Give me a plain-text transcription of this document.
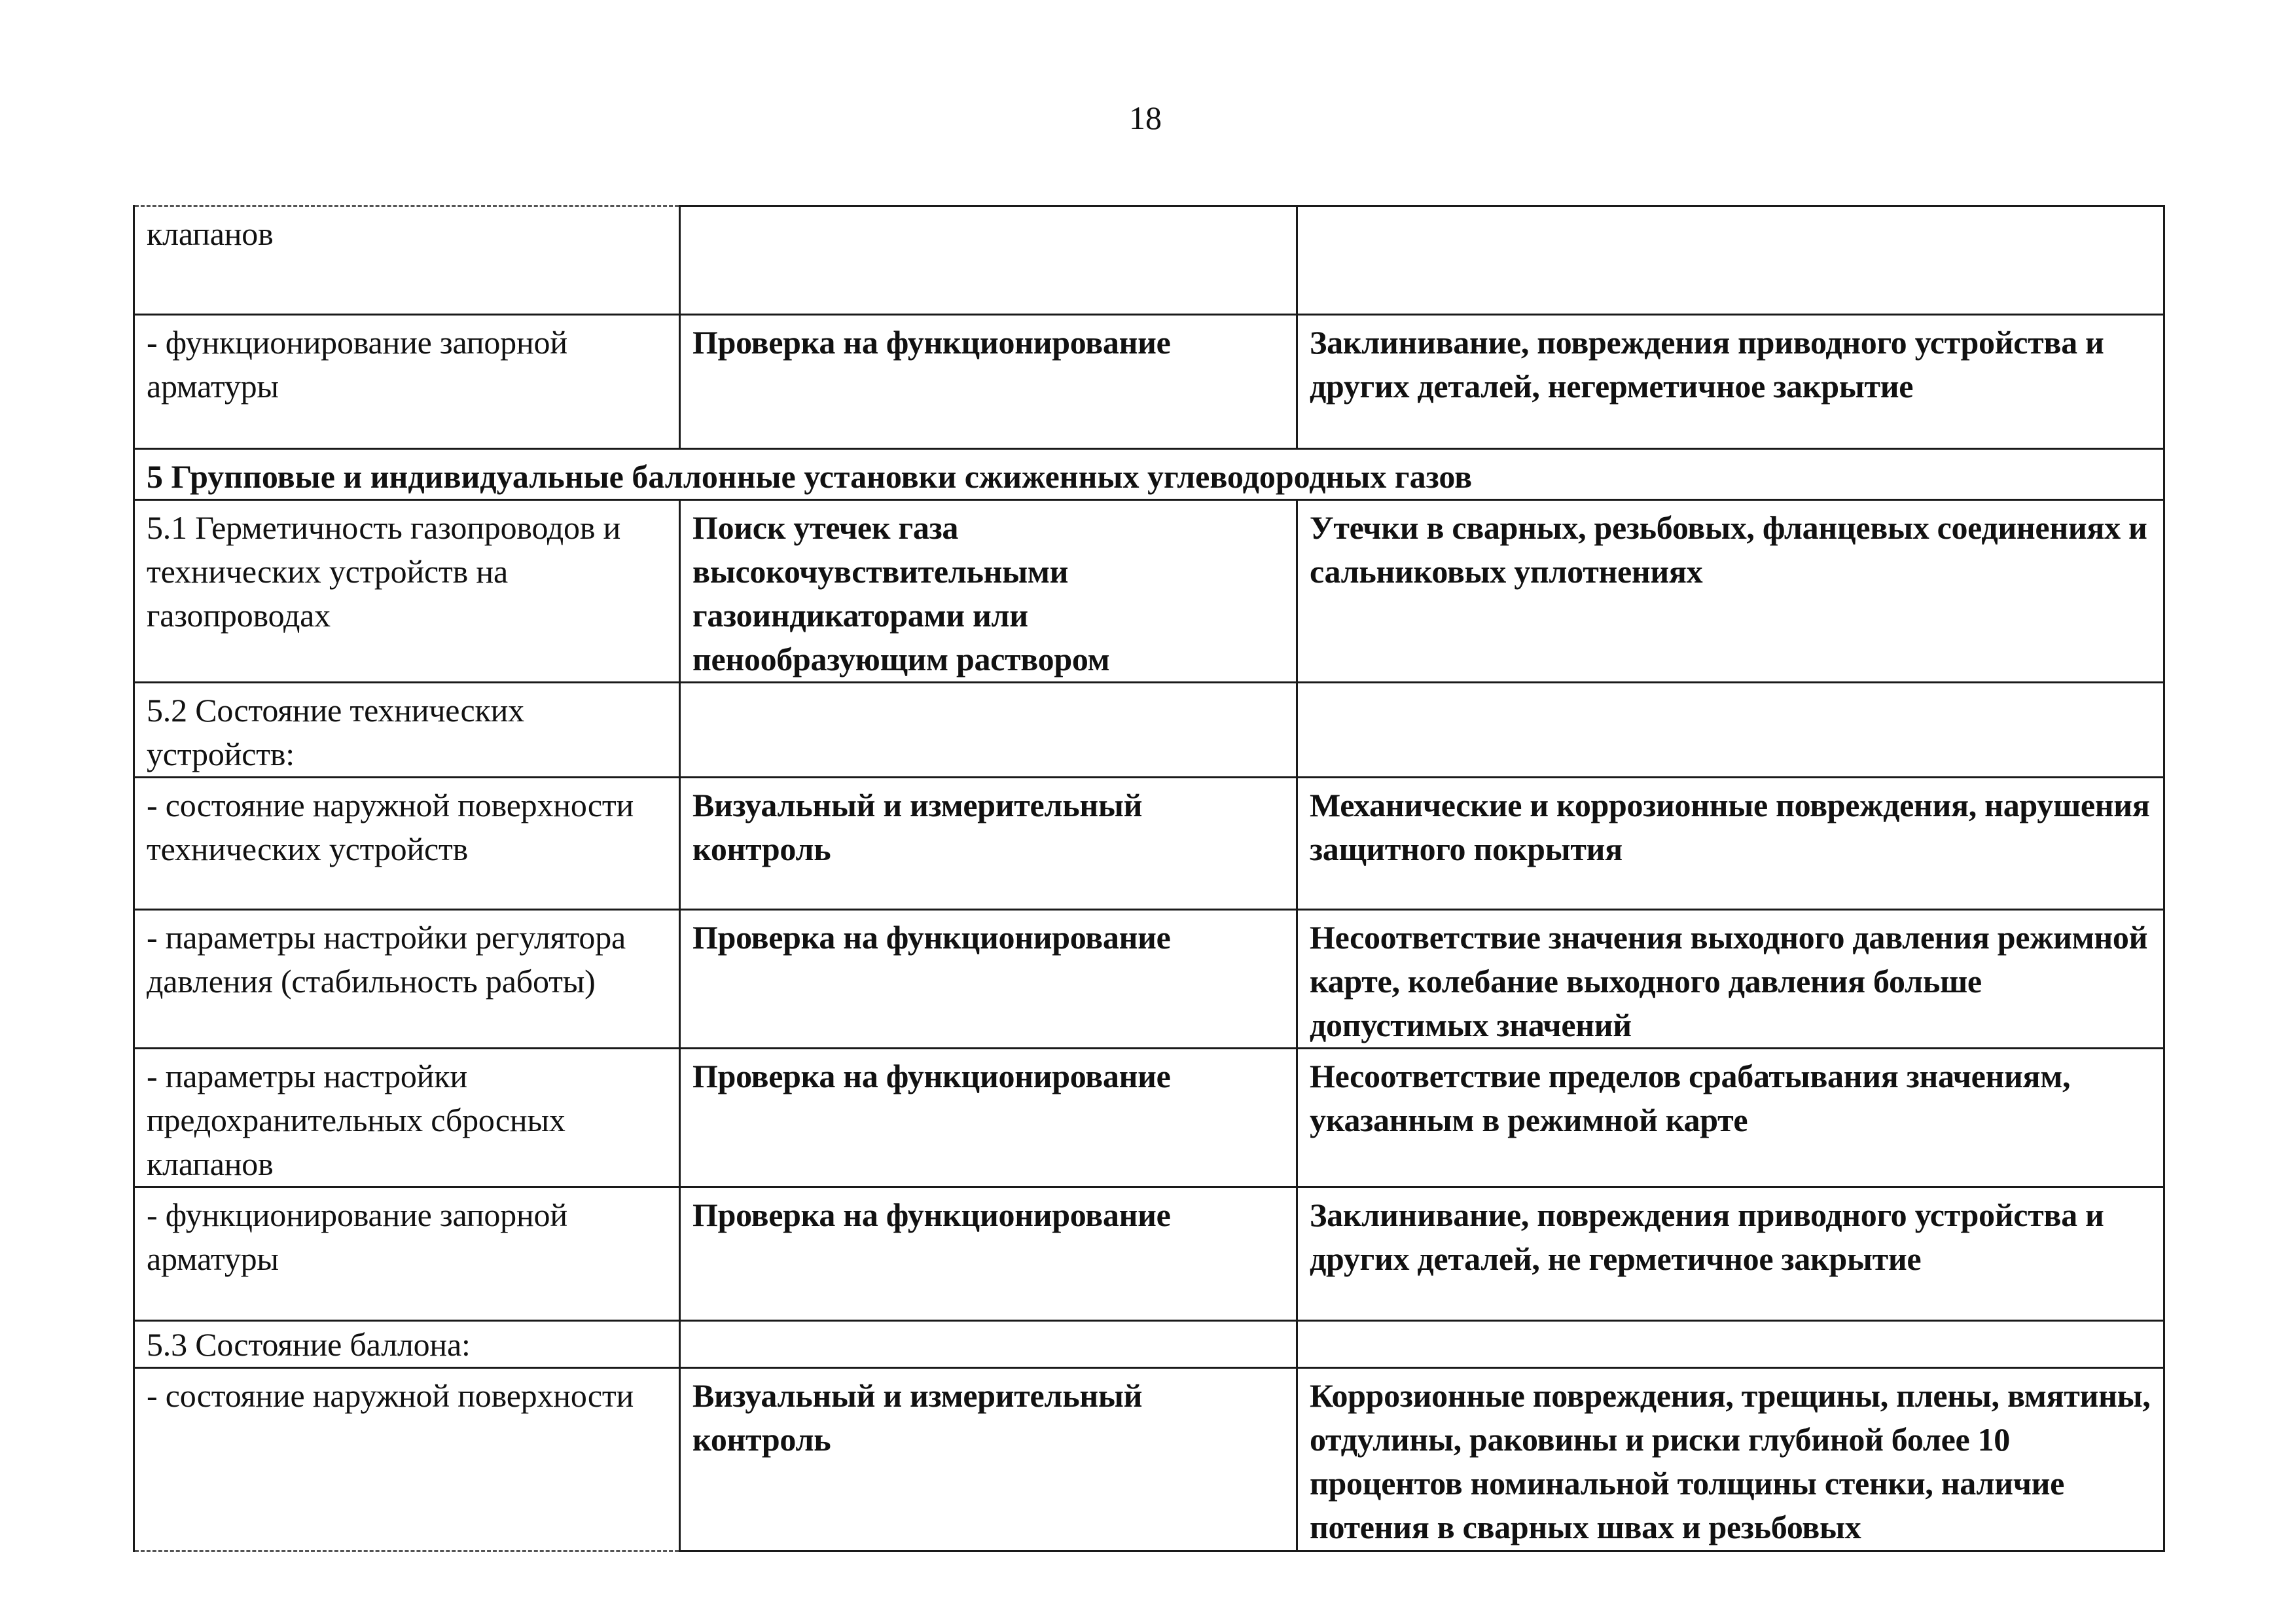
18
клапанов		
- функционирование запорной арматуры	Проверка на функционирование	Заклинивание, повреждения приводного устройства и других деталей, негерметичное закрытие
5 Групповые и индивидуальные баллонные установки сжиженных углеводородных газов		
5.1 Герметичность газопроводов и технических устройств на газопроводах	Поиск утечек газа высокочувствительными газоиндикаторами или пенообразующим раствором	Утечки в сварных, резьбовых, фланцевых соединениях и сальниковых уплотнениях
5.2 Состояние технических устройств:		
- состояние наружной поверхности технических устройств	Визуальный и измерительный контроль	Механические и коррозионные повреждения, нарушения защитного покрытия
- параметры настройки регулятора давления (стабильность работы)	Проверка на функционирование	Несоответствие значения выходного давления режимной карте, колебание выходного давления больше допустимых значений
- параметры настройки предохранительных сбросных клапанов	Проверка на функционирование	Несоответствие пределов срабатывания значениям, указанным в режимной карте
- функционирование запорной арматуры	Проверка на функционирование	Заклинивание, повреждения приводного устройства и других деталей, не герметичное закрытие
5.3 Состояние баллона:		
- состояние наружной поверхности	Визуальный и измерительный контроль	Коррозионные повреждения, трещины, плены, вмятины, отдулины, раковины и риски глубиной более 10 процентов номинальной толщины стенки, наличие потения в сварных швах и резьбовых
